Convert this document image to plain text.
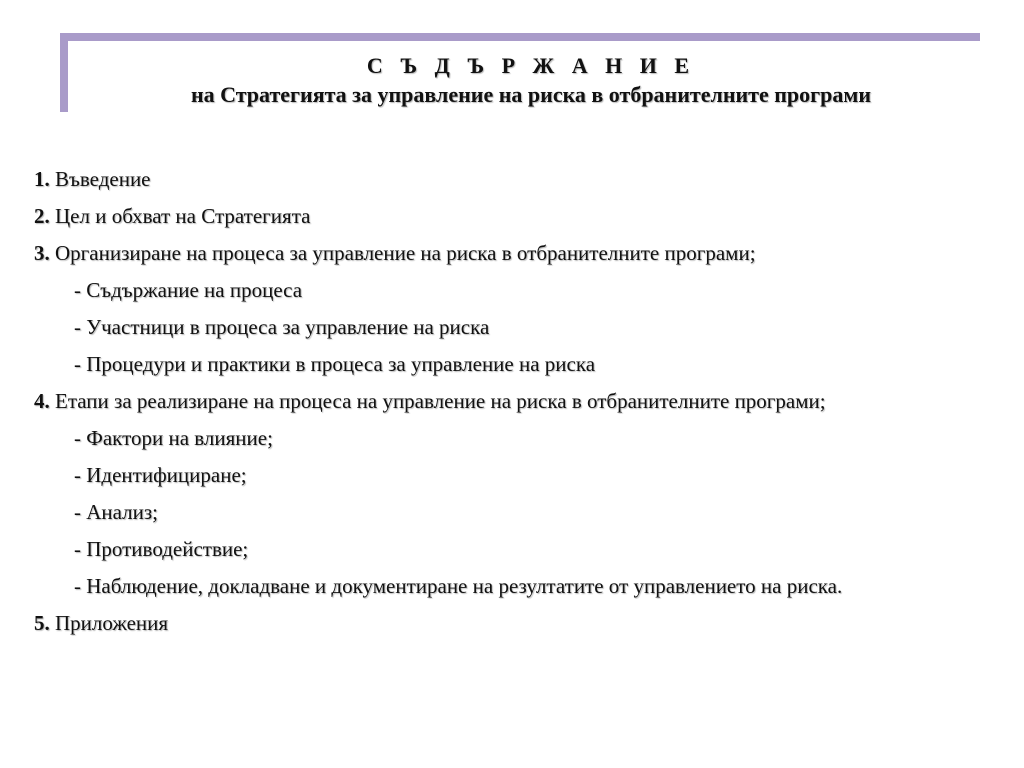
С Ъ Д Ъ Р Ж А Н И Е
на Стратегията за управление на риска в отбранителните програми
1. Въведение
2. Цел и обхват на Стратегията
3. Организиране на процеса за управление на риска в отбранителните програми;
- Съдържание на процеса
- Участници в процеса за управление на риска
- Процедури и практики в процеса за управление на риска
4. Етапи за реализиране на процеса на управление на риска в отбранителните програми;
- Фактори на влияние;
- Идентифициране;
- Анализ;
- Противодействие;
- Наблюдение, докладване и документиране на резултатите от управлението на риска.
5. Приложения
